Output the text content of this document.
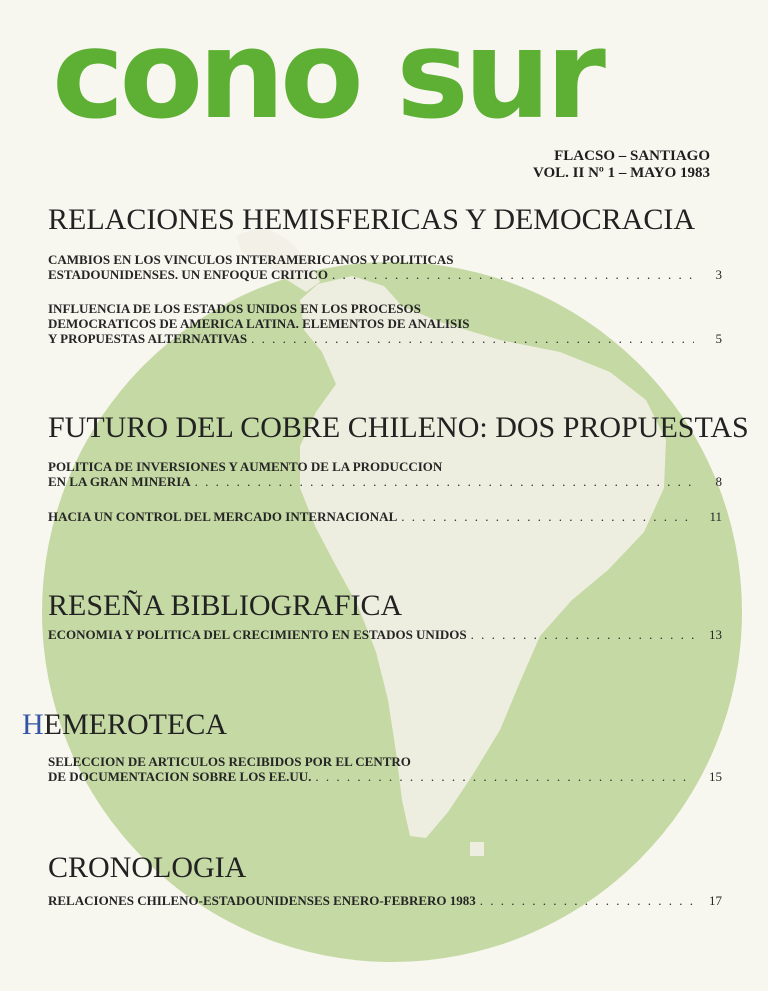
cono sur
FLACSO – SANTIAGO
VOL. II Nº 1 – MAYO 1983
RELACIONES HEMISFERICAS Y DEMOCRACIA
CAMBIOS EN LOS VINCULOS INTERAMERICANOS Y POLITICAS
ESTADOUNIDENSES. UN ENFOQUE CRITICO . . .	3
INFLUENCIA DE LOS ESTADOS UNIDOS EN LOS PROCESOS
DEMOCRATICOS DE AMERICA LATINA. ELEMENTOS DE ANALISIS
Y PROPUESTAS ALTERNATIVAS . . .	5
FUTURO DEL COBRE CHILENO: DOS PROPUESTAS
POLITICA DE INVERSIONES Y AUMENTO DE LA PRODUCCION
EN LA GRAN MINERIA . . .	8
HACIA UN CONTROL DEL MERCADO INTERNACIONAL . . .	11
RESEÑA BIBLIOGRAFICA
ECONOMIA Y POLITICA DEL CRECIMIENTO EN ESTADOS UNIDOS . . .	13
HEMEROTECA
SELECCION DE ARTICULOS RECIBIDOS POR EL CENTRO
DE DOCUMENTACION SOBRE LOS EE.UU. . . .	15
CRONOLOGIA
RELACIONES CHILENO-ESTADOUNIDENSES ENERO-FEBRERO 1983 . . .	17
